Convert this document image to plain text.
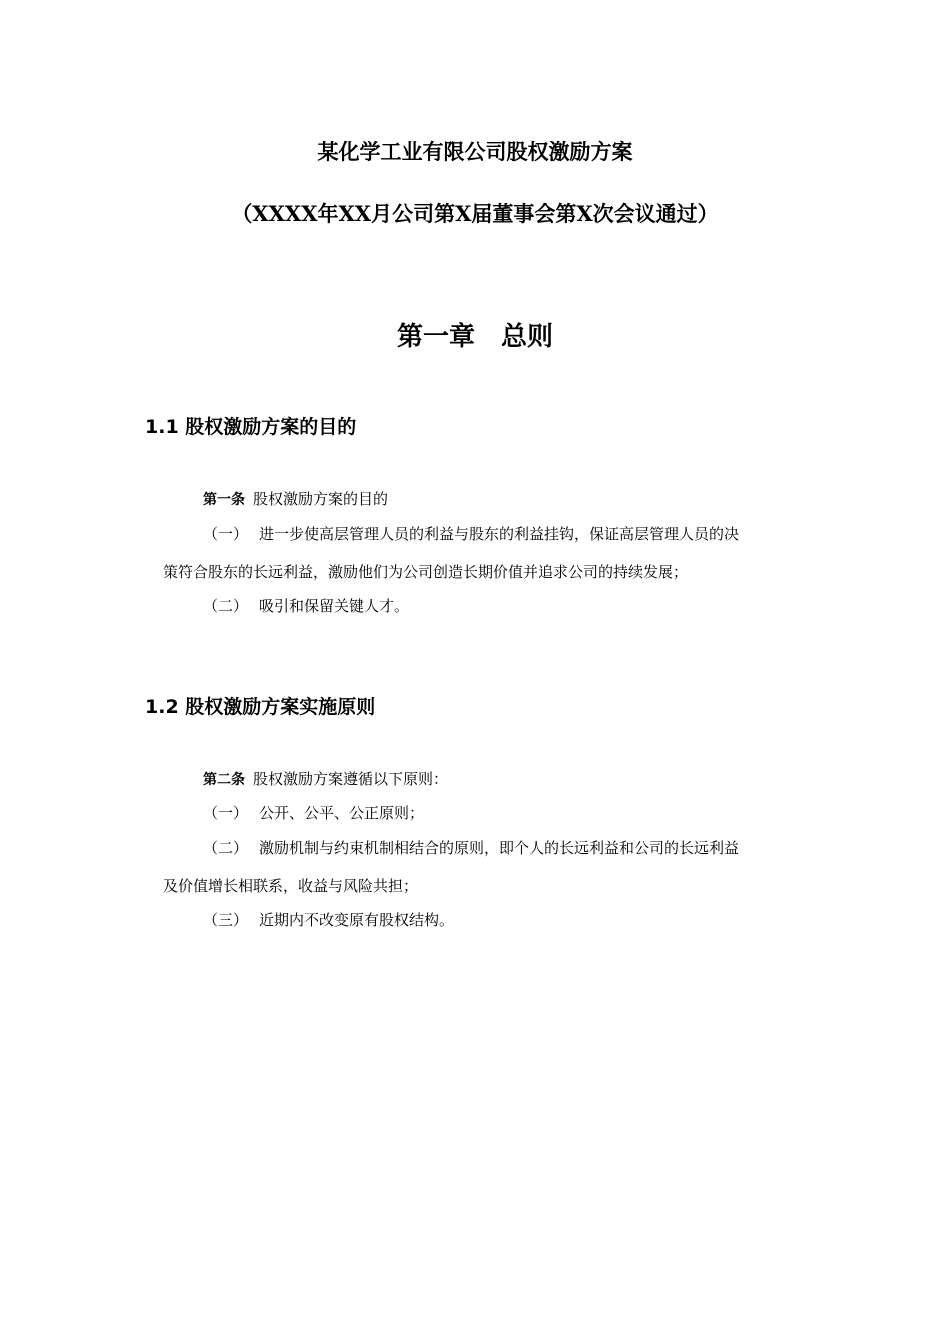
某化学工业有限公司股权激励方案
（XXXX年XX月公司第X届董事会第X次会议通过）
第一章 总则
1.1 股权激励方案的目的
第一条 股权激励方案的目的
（一） 进一步使高层管理人员的利益与股东的利益挂钩，保证高层管理人员的决
策符合股东的长远利益，激励他们为公司创造长期价值并追求公司的持续发展；
（二） 吸引和保留关键人才。
1.2 股权激励方案实施原则
第二条 股权激励方案遵循以下原则：
（一） 公开、公平、公正原则；
（二） 激励机制与约束机制相结合的原则，即个人的长远利益和公司的长远利益
及价值增长相联系，收益与风险共担；
（三） 近期内不改变原有股权结构。
